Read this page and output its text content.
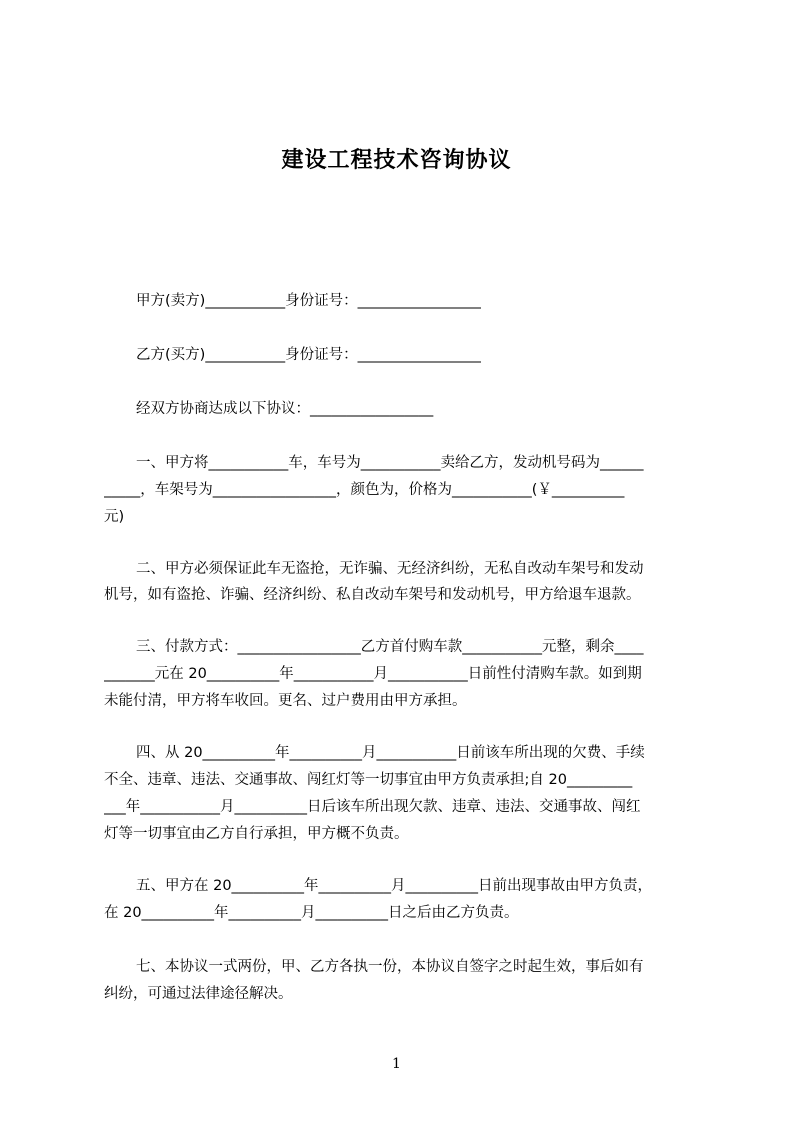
建设工程技术咨询协议
甲方(卖方)___________身份证号：_________________
乙方(买方)___________身份证号：_________________
经双方协商达成以下协议：_________________
一、甲方将___________车，车号为___________卖给乙方，发动机号码为______
_____，车架号为_________________，颜色为，价格为___________(￥__________
元)
二、甲方必须保证此车无盗抢，无诈骗、无经济纠纷，无私自改动车架号和发动
机号，如有盗抢、诈骗、经济纠纷、私自改动车架号和发动机号，甲方给退车退款。
三、付款方式：_________________乙方首付购车款___________元整，剩余____
_______元在 20__________年___________月___________日前性付清购车款。如到期
未能付清，甲方将车收回。更名、过户费用由甲方承担。
四、从 20__________年__________月___________日前该车所出现的欠费、手续
不全、违章、违法、交通事故、闯红灯等一切事宜由甲方负责承担;自 20_________
___年___________月__________日后该车所出现欠款、违章、违法、交通事故、闯红
灯等一切事宜由乙方自行承担，甲方概不负责。
五、甲方在 20__________年__________月__________日前出现事故由甲方负责，
在 20__________年__________月__________日之后由乙方负责。
七、本协议一式两份，甲、乙方各执一份，本协议自签字之时起生效，事后如有
纠纷，可通过法律途径解决。
1
